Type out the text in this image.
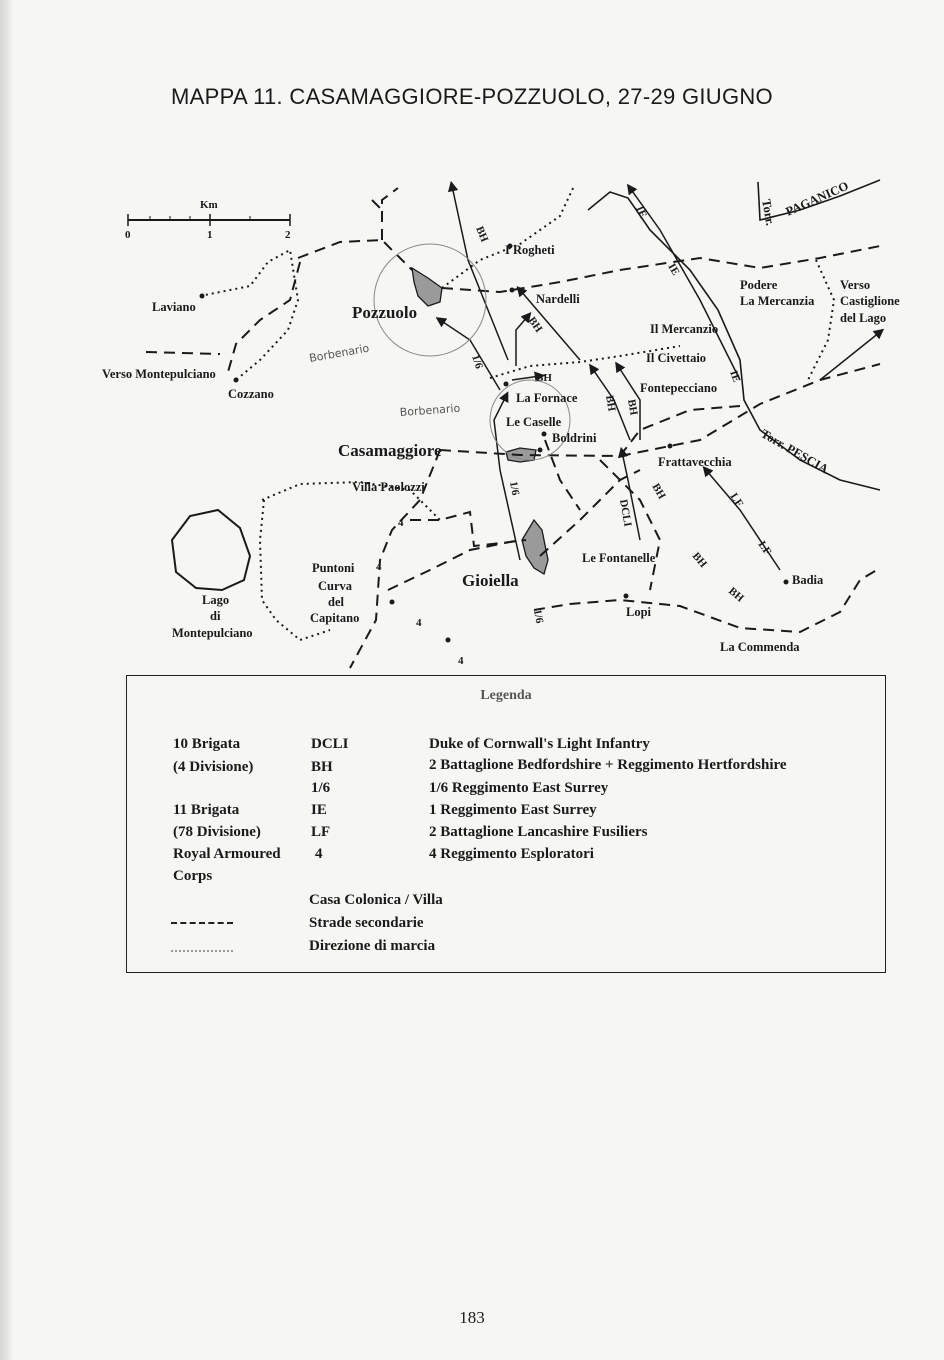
MAPPA 11. CASAMAGGIORE-POZZUOLO, 27-29 GIUGNO
Km
0	1	2
Pozzuolo
Casamaggiore
Gioiella
Laviano
Verso Montepulciano
Cozzano
I Rogheti
Nardelli
Podere
La Mercanzia
Verso
Castiglione
del Lago
Il Mercanzio
Il Civettaio
Fontepecciano
La Fornace
Le Caselle
Boldrini
Frattavecchia
Villa Paolozzi
Le Fontanelle
Badia
Puntoni
Curva
del
Capitano
Lago
di
Montepulciano
Lopi
La Commenda
Torr. PAGANICO
Torr. PESCIA
Borbenario
Borbenario
BH
BH
BH
BH BH
BH
BH
BH
1/6
1/6
1/6
IE
IE
IE
LF
LF
DCLI
4
4
4
4
Legenda
10 Brigata
(4 Divisione)
11 Brigata
(78 Divisione)
Royal Armoured
Corps
DCLI
BH
1/6
IE
LF
4
Duke of Cornwall's Light Infantry
2 Battaglione Bedfordshire + Reggimento Hertfordshire
1/6 Reggimento East Surrey
1 Reggimento East Surrey
2 Battaglione Lancashire Fusiliers
4 Reggimento Esploratori
Casa Colonica / Villa
Strade secondarie
Direzione di marcia
183
